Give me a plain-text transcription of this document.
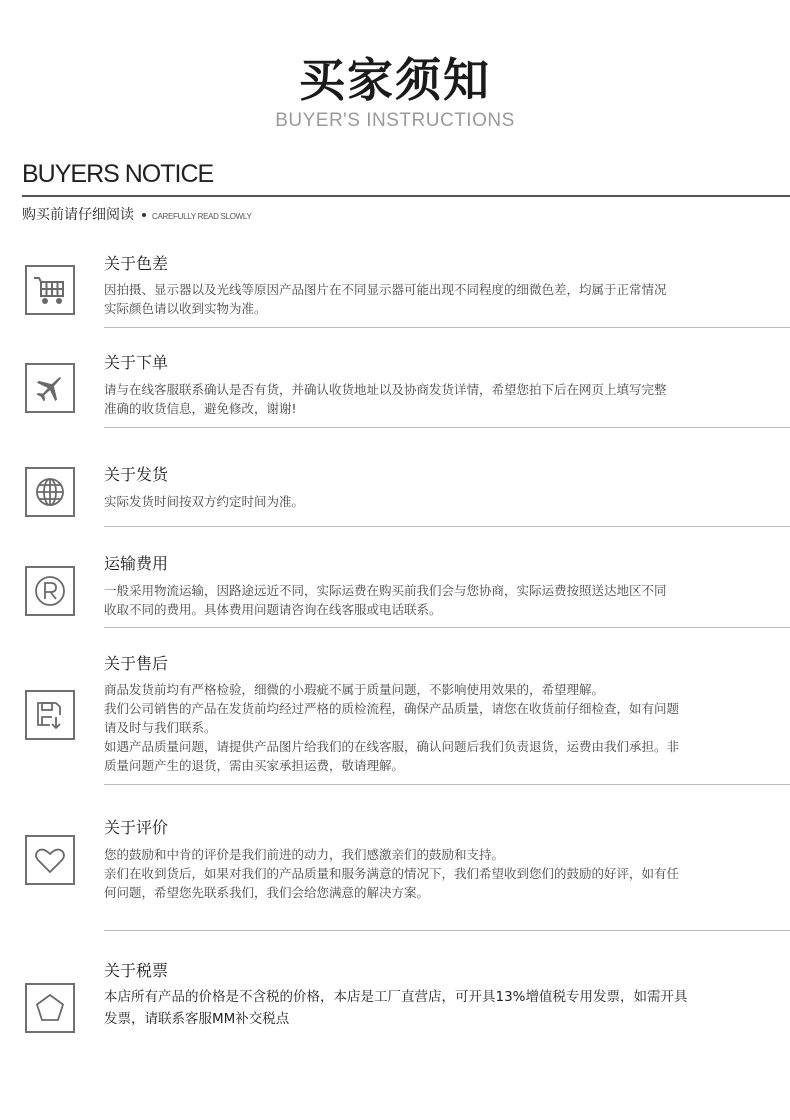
买家须知
BUYER'S INSTRUCTIONS
BUYERS NOTICE
购买前请仔细阅读 CAREFULLY READ SLOWLY
关于色差

因拍摄、显示器以及光线等原因产品图片在不同显示器可能出现不同程度的细微色差，均属于正常情况

实际颜色请以收到实物为准。

关于下单

请与在线客服联系确认是否有货，并确认收货地址以及协商发货详情，希望您拍下后在网页上填写完整

准确的收货信息，避免修改，谢谢!

关于发货

实际发货时间按双方约定时间为准。

运输费用

一般采用物流运输，因路途远近不同，实际运费在购买前我们会与您协商，实际运费按照送达地区不同

收取不同的费用。具体费用问题请咨询在线客服或电话联系。

关于售后

商品发货前均有严格检验，细微的小瑕疵不属于质量问题，不影响使用效果的，希望理解。

我们公司销售的产品在发货前均经过严格的质检流程，确保产品质量，请您在收货前仔细检查，如有问题

请及时与我们联系。

如遇产品质量问题，请提供产品图片给我们的在线客服，确认问题后我们负责退货，运费由我们承担。非

质量问题产生的退货，需由买家承担运费，敬请理解。

关于评价

您的鼓励和中肯的评价是我们前进的动力，我们感激亲们的鼓励和支持。

亲们在收到货后，如果对我们的产品质量和服务满意的情况下，我们希望收到您们的鼓励的好评，如有任

何问题，希望您先联系我们，我们会给您满意的解决方案。

关于税票

本店所有产品的价格是不含税的价格，本店是工厂直营店，可开具13%增值税专用发票，如需开具

发票，请联系客服MM补交税点
